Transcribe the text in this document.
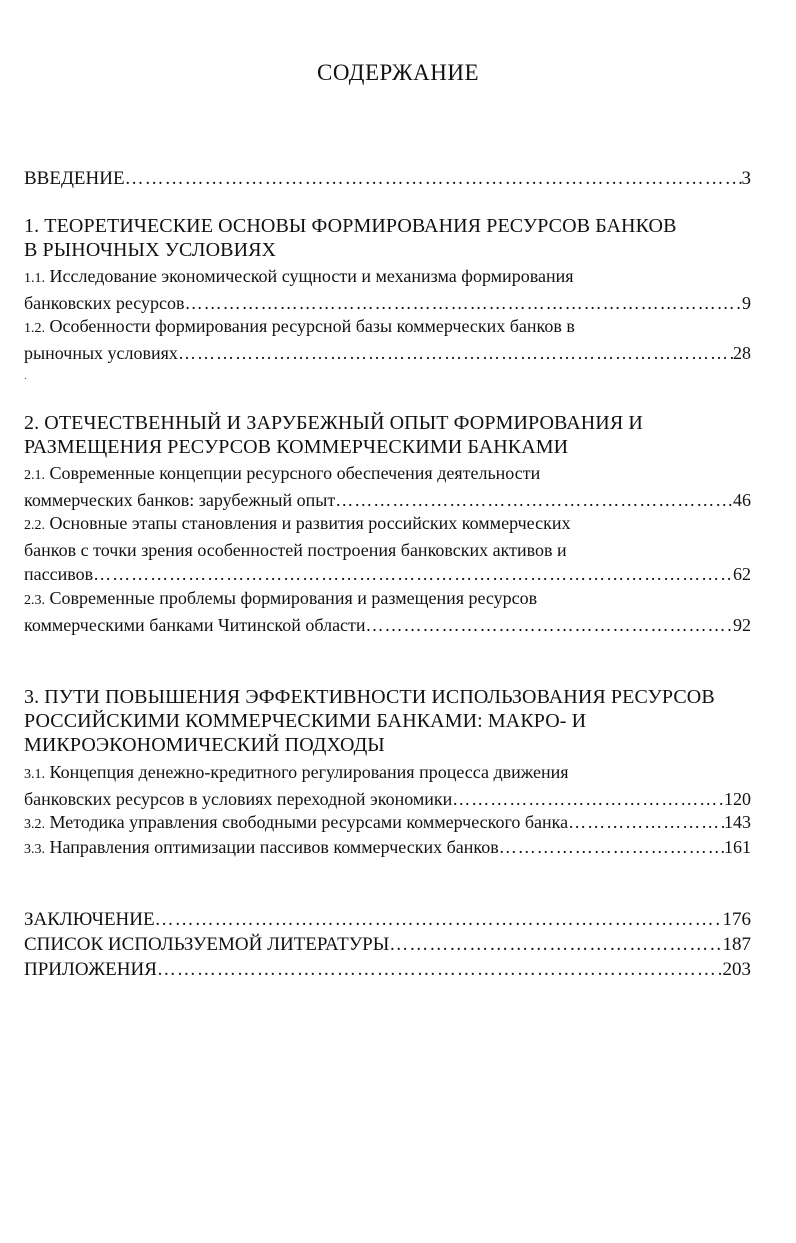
СОДЕРЖАНИЕ
ВВЕДЕНИЕ …………………………………………………………………………………………………………………………………………………………………………………	3
1. ТЕОРЕТИЧЕСКИЕ ОСНОВЫ ФОРМИРОВАНИЯ РЕСУРСОВ БАНКОВ
В РЫНОЧНЫХ УСЛОВИЯХ
1.1. Исследование экономической сущности и механизма формирования
банковских ресурсов …………………………………………………………………………………………………………………………………………………………………………………	9
1.2. Особенности формирования ресурсной базы коммерческих банков в
рыночных условиях …………………………………………………………………………………………………………………………………………………………………………………	28
.
2. ОТЕЧЕСТВЕННЫЙ И ЗАРУБЕЖНЫЙ ОПЫТ ФОРМИРОВАНИЯ И
РАЗМЕЩЕНИЯ РЕСУРСОВ КОММЕРЧЕСКИМИ БАНКАМИ
2.1. Современные концепции ресурсного обеспечения деятельности
коммерческих банков: зарубежный опыт …………………………………………………………………………………………………………………………………………………………………………………	46
2.2. Основные этапы становления и развития российских коммерческих
банков с точки зрения особенностей построения банковских активов и
пассивов …………………………………………………………………………………………………………………………………………………………………………………	62
2.3. Современные проблемы формирования и размещения ресурсов
коммерческими банками Читинской области …………………………………………………………………………………………………………………………………………………………………………………	92
3. ПУТИ ПОВЫШЕНИЯ ЭФФЕКТИВНОСТИ ИСПОЛЬЗОВАНИЯ РЕСУРСОВ
РОССИЙСКИМИ КОММЕРЧЕСКИМИ БАНКАМИ: МАКРО- И
МИКРОЭКОНОМИЧЕСКИЙ ПОДХОДЫ
3.1. Концепция денежно-кредитного регулирования процесса движения
банковских ресурсов в условиях переходной экономики …………………………………………………………………………………………………………………………………………………………………………………	120
3.2. Методика управления свободными ресурсами коммерческого банка …………………………………………………………………………………………………………………………………………………………………………………	143
3.3. Направления оптимизации пассивов коммерческих банков …………………………………………………………………………………………………………………………………………………………………………………	161
ЗАКЛЮЧЕНИЕ …………………………………………………………………………………………………………………………………………………………………………………	176
СПИСОК ИСПОЛЬЗУЕМОЙ ЛИТЕРАТУРЫ …………………………………………………………………………………………………………………………………………………………………………………	187
ПРИЛОЖЕНИЯ …………………………………………………………………………………………………………………………………………………………………………………	203
